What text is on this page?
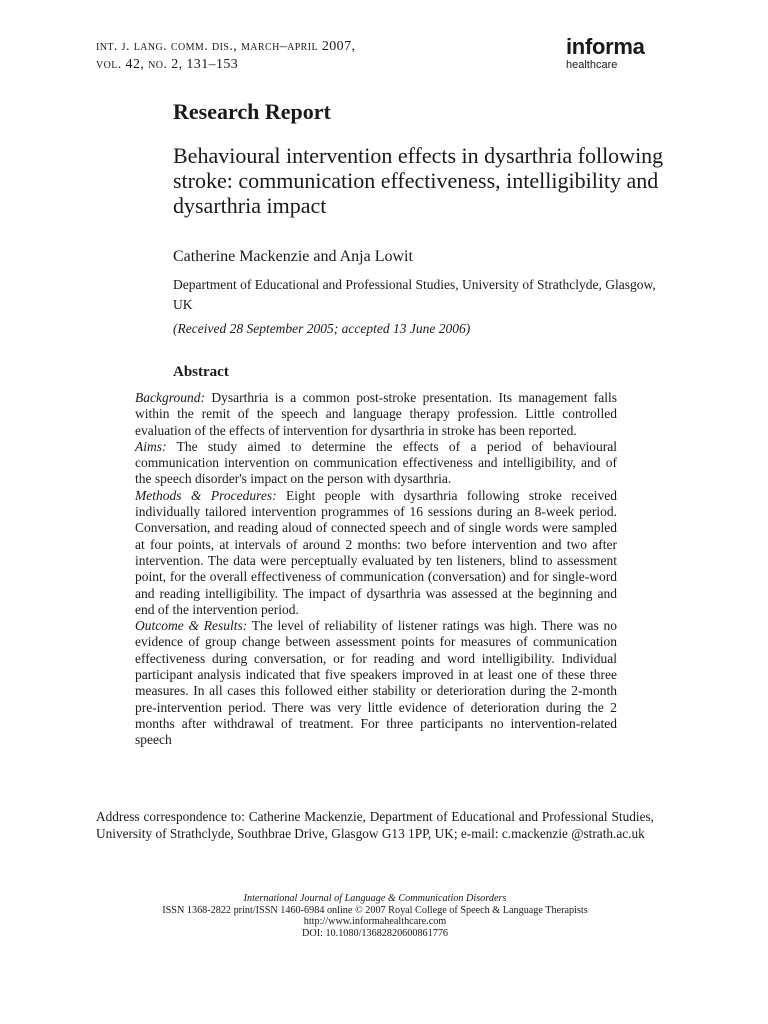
int. j. lang. comm. dis., march–april 2007,
vol. 42, no. 2, 131–153
informa
healthcare
Research Report
Behavioural intervention effects in dysarthria following stroke: communication effectiveness, intelligibility and dysarthria impact
Catherine Mackenzie and Anja Lowit
Department of Educational and Professional Studies, University of Strathclyde, Glasgow, UK
(Received 28 September 2005; accepted 13 June 2006)
Abstract

Background: Dysarthria is a common post-stroke presentation. Its management falls within the remit of the speech and language therapy profession. Little controlled evaluation of the effects of intervention for dysarthria in stroke has been reported.

Aims: The study aimed to determine the effects of a period of behavioural communication intervention on communication effectiveness and intelligibility, and of the speech disorder's impact on the person with dysarthria.

Methods & Procedures: Eight people with dysarthria following stroke received individually tailored intervention programmes of 16 sessions during an 8-week period. Conversation, and reading aloud of connected speech and of single words were sampled at four points, at intervals of around 2 months: two before intervention and two after intervention. The data were perceptually evaluated by ten listeners, blind to assessment point, for the overall effectiveness of communication (conversation) and for single-word and reading intelligibility. The impact of dysarthria was assessed at the beginning and end of the intervention period.

Outcome & Results: The level of reliability of listener ratings was high. There was no evidence of group change between assessment points for measures of communication effectiveness during conversation, or for reading and word intelligibility. Individual participant analysis indicated that five speakers improved in at least one of these three measures. In all cases this followed either stability or deterioration during the 2-month pre-intervention period. There was very little evidence of deterioration during the 2 months after withdrawal of treatment. For three participants no intervention-related speech

Address correspondence to: Catherine Mackenzie, Department of Educational and Professional Studies, University of Strathclyde, Southbrae Drive, Glasgow G13 1PP, UK; e-mail: c.mackenzie @strath.ac.uk
International Journal of Language & Communication Disorders
ISSN 1368-2822 print/ISSN 1460-6984 online © 2007 Royal College of Speech & Language Therapists
http://www.informahealthcare.com
DOI: 10.1080/13682820600861776
